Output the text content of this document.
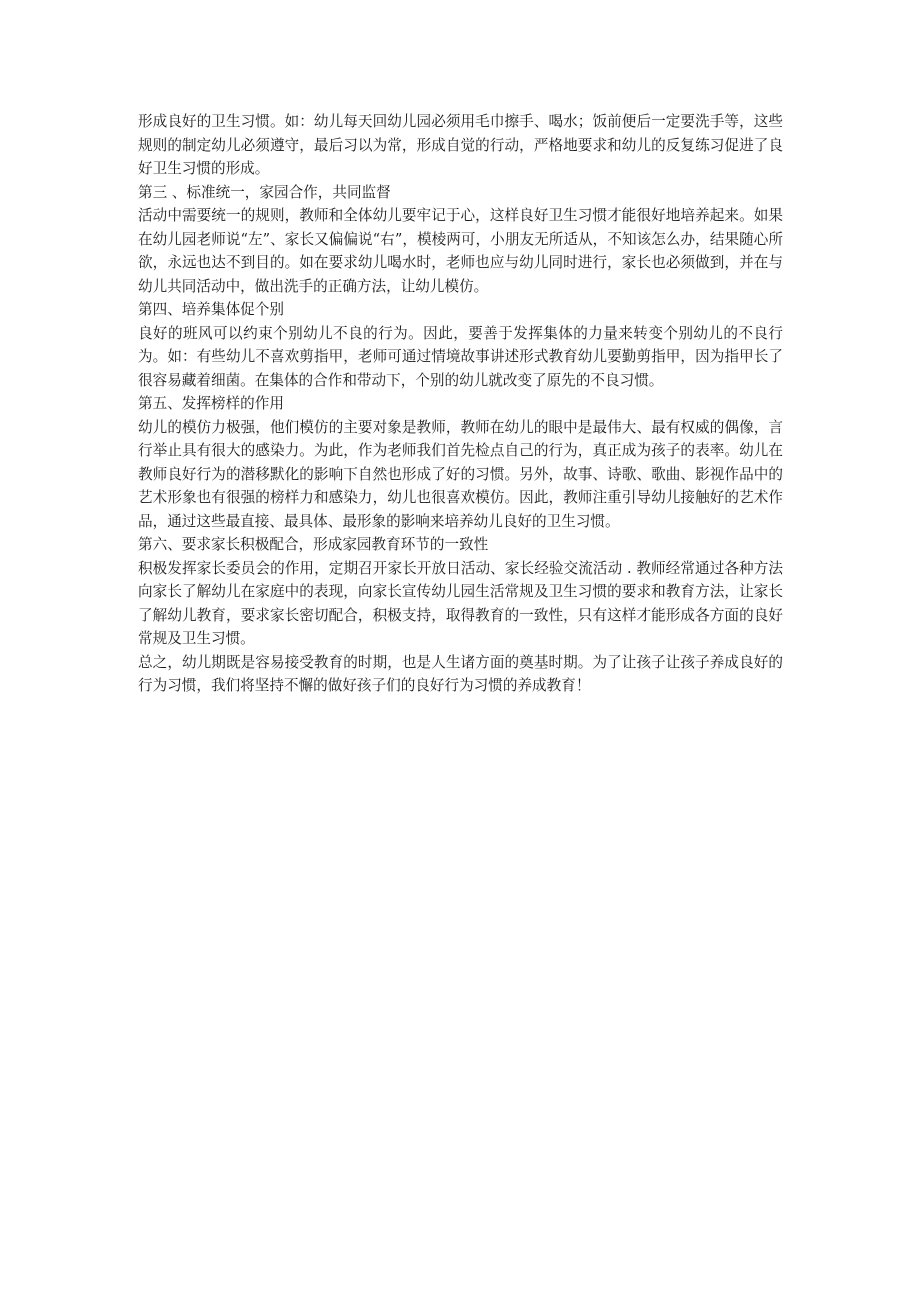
形成良好的卫生习惯。如：幼儿每天回幼儿园必须用毛巾擦手、喝水；饭前便后一定要洗手等，这些规则的制定幼儿必须遵守，最后习以为常，形成自觉的行动，严格地要求和幼儿的反复练习促进了良好卫生习惯的形成。

第三 、标准统一，家园合作，共同监督

活动中需要统一的规则，教师和全体幼儿要牢记于心，这样良好卫生习惯才能很好地培养起来。如果在幼儿园老师说“左”、家长又偏偏说“右”，模棱两可，小朋友无所适从，不知该怎么办，结果随心所欲，永远也达不到目的。如在要求幼儿喝水时，老师也应与幼儿同时进行，家长也必须做到，并在与幼儿共同活动中，做出洗手的正确方法，让幼儿模仿。

第四、培养集体促个别

良好的班风可以约束个别幼儿不良的行为。因此，要善于发挥集体的力量来转变个别幼儿的不良行为。如：有些幼儿不喜欢剪指甲，老师可通过情境故事讲述形式教育幼儿要勤剪指甲，因为指甲长了很容易藏着细菌。在集体的合作和带动下，个别的幼儿就改变了原先的不良习惯。

第五、发挥榜样的作用

幼儿的模仿力极强，他们模仿的主要对象是教师，教师在幼儿的眼中是最伟大、最有权威的偶像，言行举止具有很大的感染力。为此，作为老师我们首先检点自己的行为，真正成为孩子的表率。幼儿在教师良好行为的潜移默化的影响下自然也形成了好的习惯。另外，故事、诗歌、歌曲、影视作品中的艺术形象也有很强的榜样力和感染力，幼儿也很喜欢模仿。因此，教师注重引导幼儿接触好的艺术作品，通过这些最直接、最具体、最形象的影响来培养幼儿良好的卫生习惯。

第六、要求家长积极配合，形成家园教育环节的一致性

积极发挥家长委员会的作用，定期召开家长开放日活动、家长经验交流活动 . 教师经常通过各种方法向家长了解幼儿在家庭中的表现，向家长宣传幼儿园生活常规及卫生习惯的要求和教育方法，让家长了解幼儿教育，要求家长密切配合，积极支持，取得教育的一致性，只有这样才能形成各方面的良好常规及卫生习惯。

总之，幼儿期既是容易接受教育的时期，也是人生诸方面的奠基时期。为了让孩子让孩子养成良好的行为习惯，我们将坚持不懈的做好孩子们的良好行为习惯的养成教育！
